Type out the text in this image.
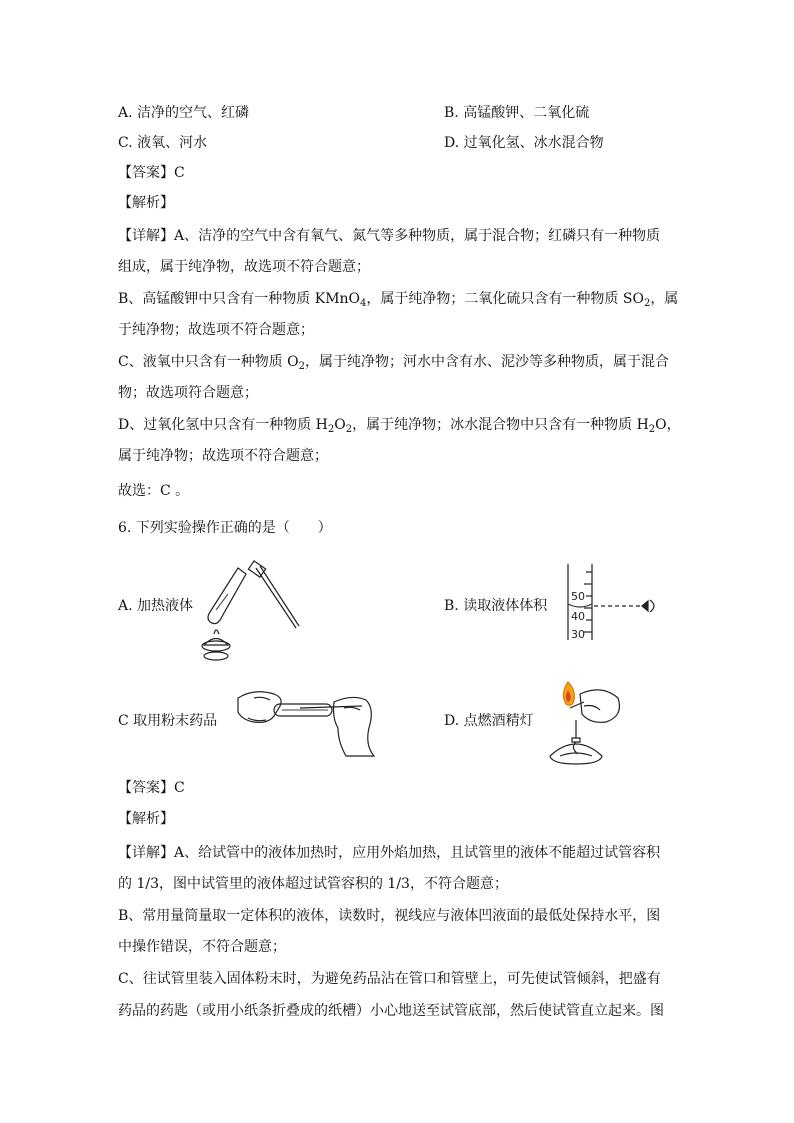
A. 洁净的空气、红磷	B. 高锰酸钾、二氧化硫
C. 液氧、河水	D. 过氧化氢、冰水混合物
【答案】C
【解析】
【详解】A、洁净的空气中含有氧气、氮气等多种物质，属于混合物；红磷只有一种物质
组成，属于纯净物，故选项不符合题意；
B、高锰酸钾中只含有一种物质 KMnO$_4$，属于纯净物；二氧化硫只含有一种物质 $SO_2$，属
于纯净物；故选项不符合题意；
C、液氧中只含有一种物质 $O_2$，属于纯净物；河水中含有水、泥沙等多种物质，属于混合
物；故选项符合题意；
D、过氧化氢中只含有一种物质 $H_2O_2$，属于纯净物；冰水混合物中只含有一种物质 $H_2O$，
属于纯净物；故选项不符合题意；
故选：C 。
6. 下列实验操作正确的是（　　）
A. 加热液体	B. 读取液体体积
C 取用粉末药品	D. 点燃酒精灯
50
40
30
【答案】C
【解析】
【详解】A、给试管中的液体加热时，应用外焰加热，且试管里的液体不能超过试管容积
的 1/3，图中试管里的液体超过试管容积的 1/3，不符合题意；
B、常用量筒量取一定体积的液体，读数时，视线应与液体凹液面的最低处保持水平，图
中操作错误，不符合题意；
C、往试管里装入固体粉末时，为避免药品沾在管口和管壁上，可先使试管倾斜，把盛有
药品的药匙（或用小纸条折叠成的纸槽）小心地送至试管底部，然后使试管直立起来。图
